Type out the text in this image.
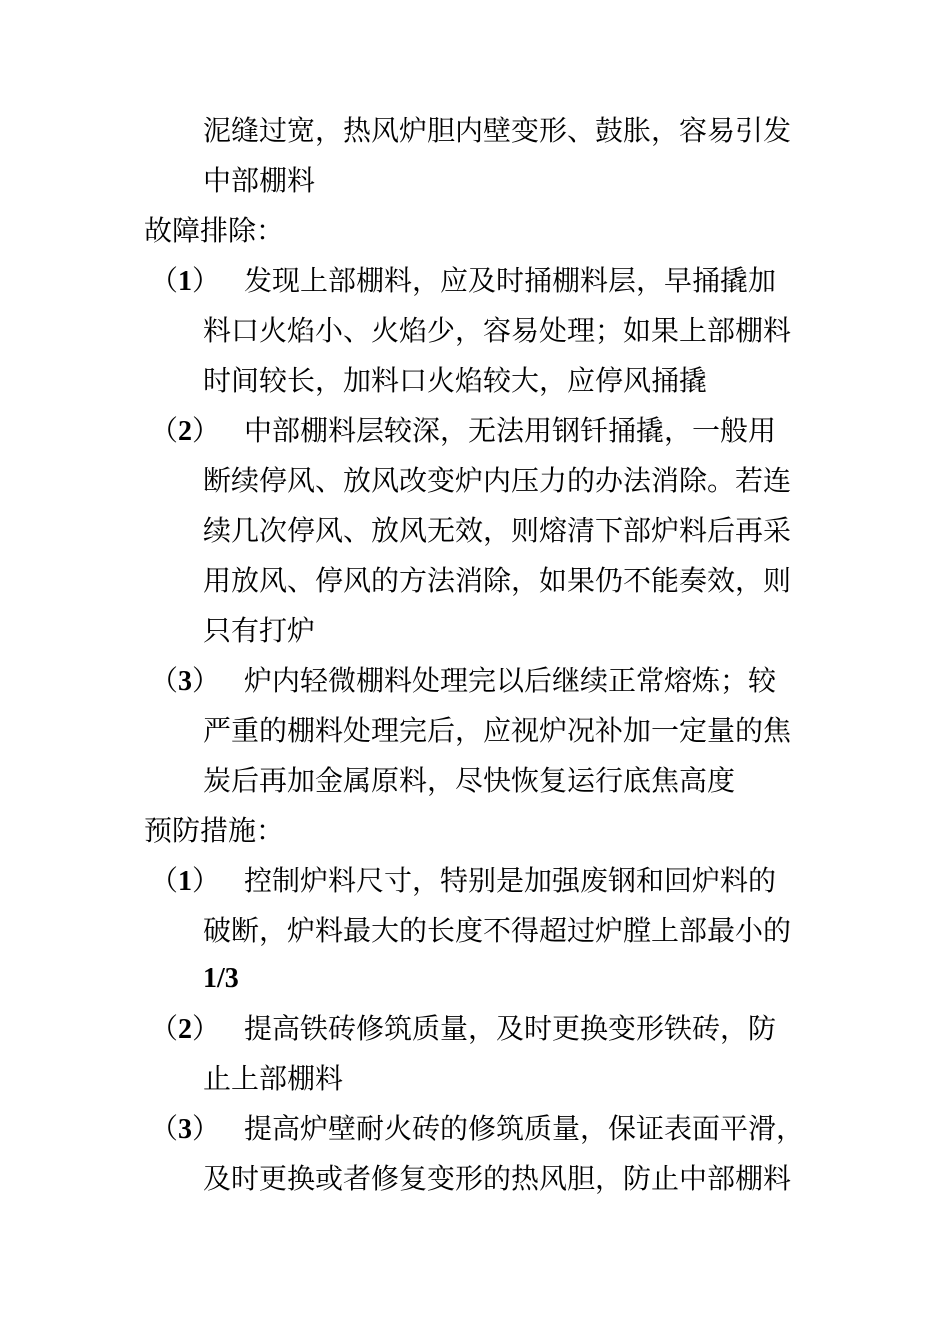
泥缝过宽，热风炉胆内壁变形、鼓胀，容易引发
中部棚料
故障排除：
（1） 发现上部棚料，应及时捅棚料层，早捅撬加
料口火焰小、火焰少，容易处理；如果上部棚料
时间较长，加料口火焰较大，应停风捅撬
（2） 中部棚料层较深，无法用钢钎捅撬，一般用
断续停风、放风改变炉内压力的办法消除。若连
续几次停风、放风无效，则熔清下部炉料后再采
用放风、停风的方法消除，如果仍不能奏效，则
只有打炉
（3） 炉内轻微棚料处理完以后继续正常熔炼；较
严重的棚料处理完后，应视炉况补加一定量的焦
炭后再加金属原料，尽快恢复运行底焦高度
预防措施：
（1） 控制炉料尺寸，特别是加强废钢和回炉料的
破断，炉料最大的长度不得超过炉膛上部最小的
1/3
（2） 提高铁砖修筑质量，及时更换变形铁砖，防
止上部棚料
（3） 提高炉壁耐火砖的修筑质量，保证表面平滑，
及时更换或者修复变形的热风胆，防止中部棚料
